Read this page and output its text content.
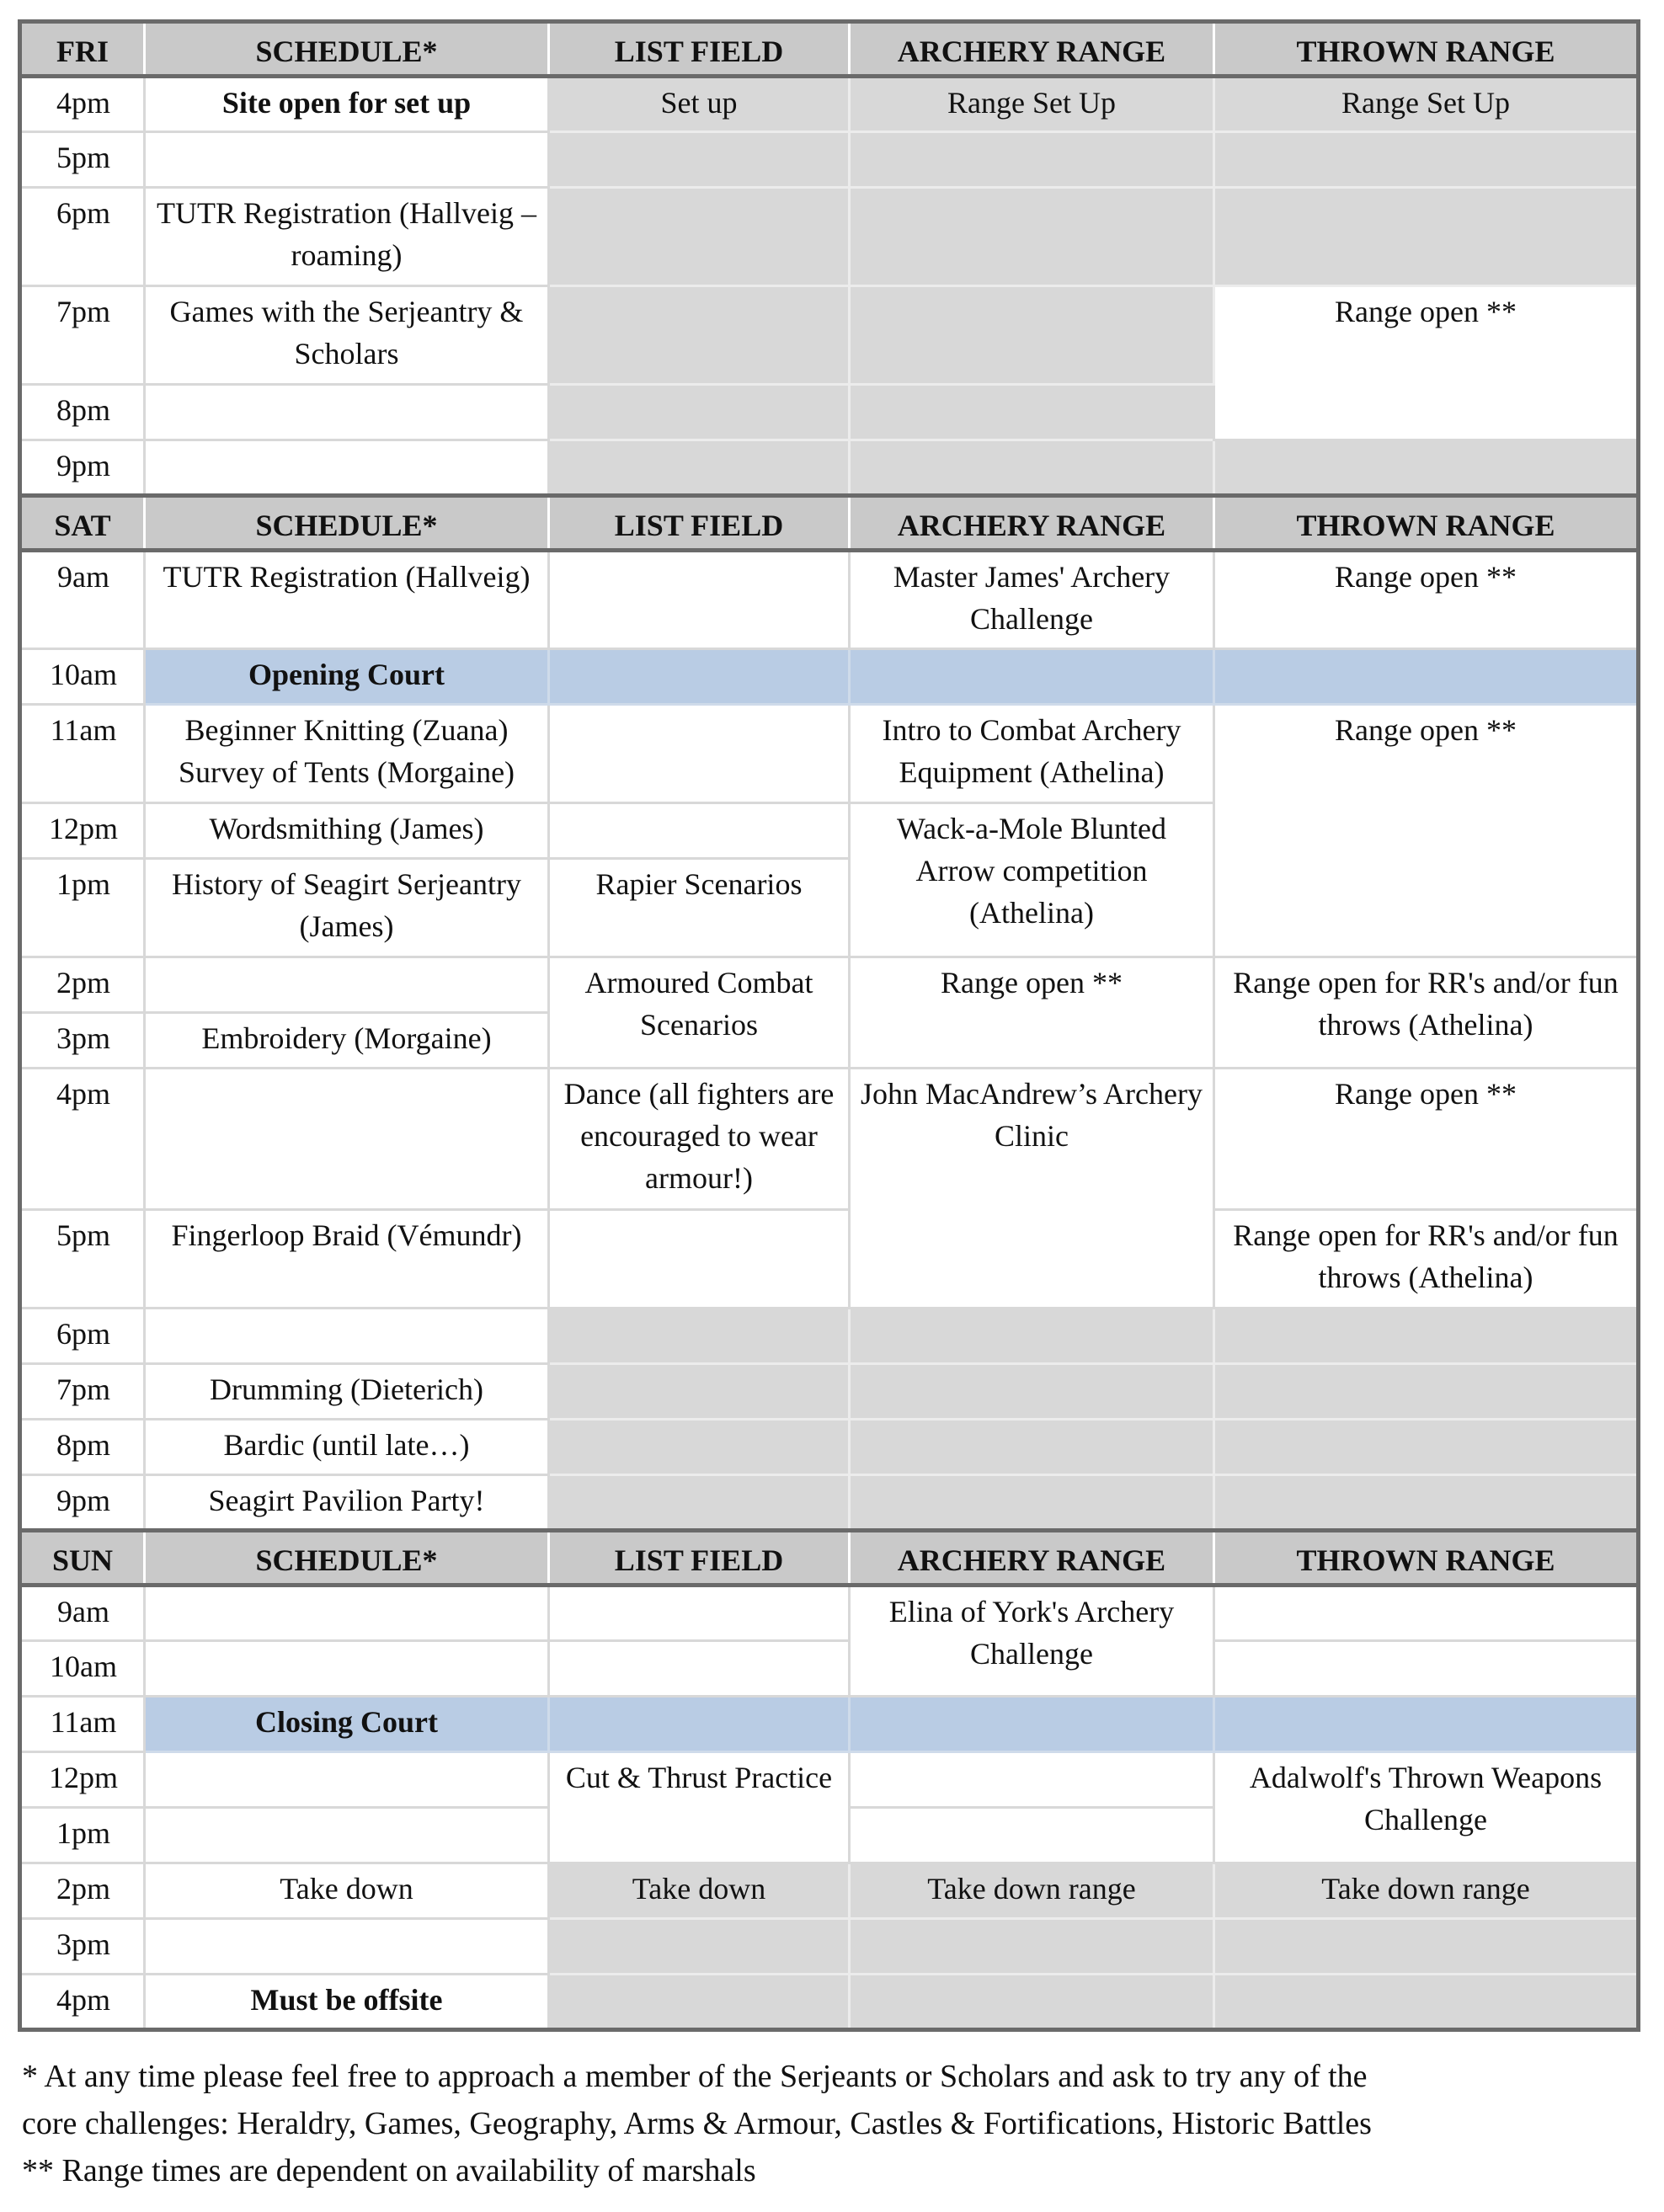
FRI	SCHEDULE*	LIST FIELD	ARCHERY RANGE	THROWN RANGE
4pm	Site open for set up	Set up	Range Set Up	Range Set Up
5pm				
6pm	TUTR Registration (Hallveig – roaming)			
7pm	Games with the Serjeantry & Scholars			Range open **
8pm				
9pm				
SAT	SCHEDULE*	LIST FIELD	ARCHERY RANGE	THROWN RANGE
9am	TUTR Registration (Hallveig)		Master James' Archery Challenge	Range open **
10am	Opening Court			
11am	Beginner Knitting (Zuana) Survey of Tents (Morgaine)		Intro to Combat Archery Equipment (Athelina)	Range open **
12pm	Wordsmithing (James)		Wack-a-Mole Blunted Arrow competition (Athelina)	
1pm	History of Seagirt Serjeantry (James)	Rapier Scenarios		
2pm		Armoured Combat Scenarios	Range open **	Range open for RR's and/or fun throws (Athelina)
3pm	Embroidery (Morgaine)			
4pm		Dance (all fighters are encouraged to wear armour!)	John MacAndrew’s Archery Clinic	Range open **
5pm	Fingerloop Braid (Vémundr)			Range open for RR's and/or fun throws (Athelina)
6pm				
7pm	Drumming (Dieterich)			
8pm	Bardic (until late…)			
9pm	Seagirt Pavilion Party!			
SUN	SCHEDULE*	LIST FIELD	ARCHERY RANGE	THROWN RANGE
9am			Elina of York's Archery Challenge	
10am				
11am	Closing Court			
12pm		Cut & Thrust Practice		Adalwolf's Thrown Weapons Challenge
1pm				
2pm	Take down	Take down	Take down range	Take down range
3pm				
4pm	Must be offsite			
* At any time please feel free to approach a member of the Serjeants or Scholars and ask to try any of the
core challenges: Heraldry, Games, Geography, Arms & Armour, Castles & Fortifications, Historic Battles
** Range times are dependent on availability of marshals
